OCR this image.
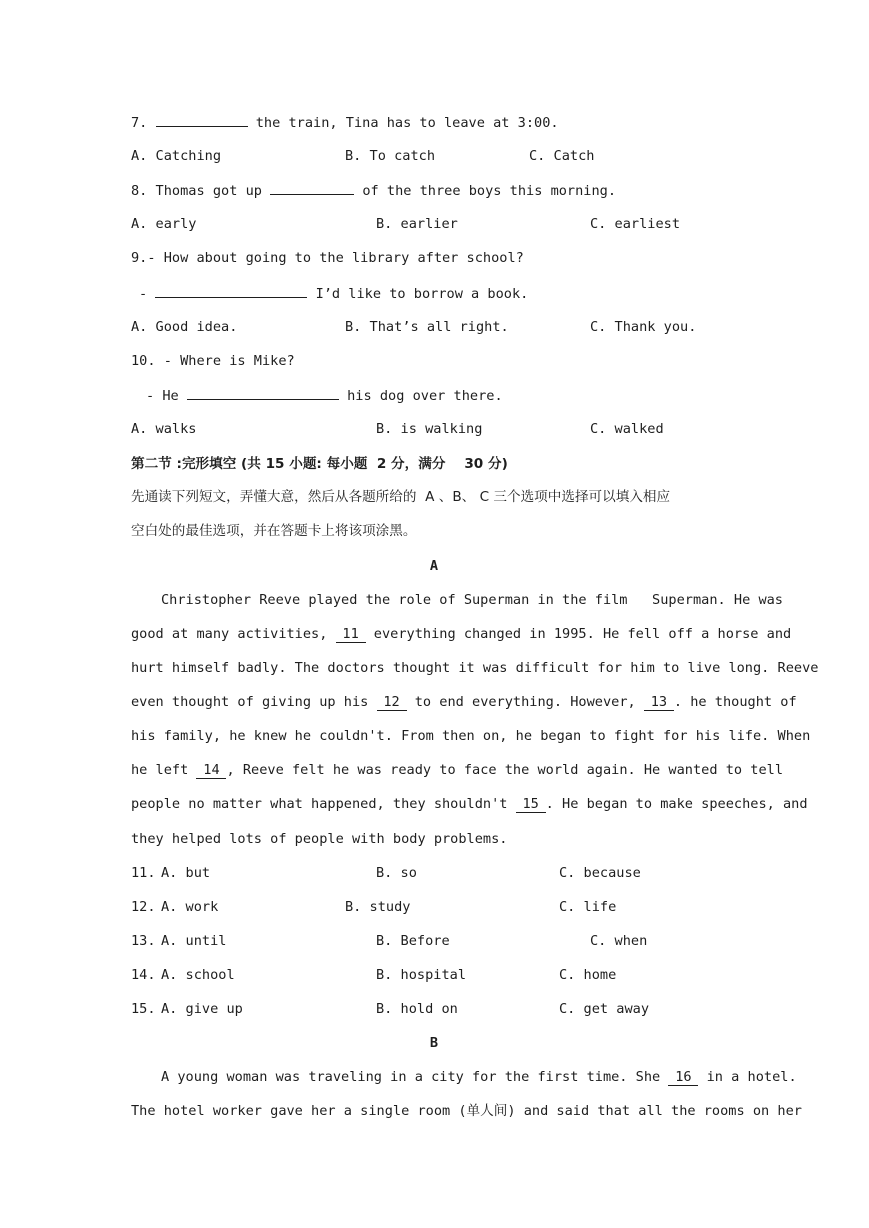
7.	the train, Tina has to leave at 3:00.
A. Catching	B. To catch	C. Catch
8. Thomas got up	of the three boys this morning.
A. early	B. earlier	C. earliest
9.- How about going to the library after school?
-	I’d like to borrow a book.
A. Good idea.	B. That’s all right.	C. Thank you.
10. - Where is Mike?
- He	his dog over there.
A. walks	B. is walking	C. walked
第二节 :完形填空 (共 15 小题: 每小题  2 分，满分    30 分)
先通读下列短文，弄懂大意，然后从各题所给的  A 、B、 C 三个选项中选择可以填入相应
空白处的最佳选项，并在答题卡上将该项涂黑。
A
Christopher Reeve played the role of Superman in the film   Superman. He was
good at many activities, 11 everything changed in 1995. He fell off a horse and
hurt himself badly. The doctors thought it was difficult for him to live long. Reeve
even thought of giving up his 12 to end everything. However, 13 . he thought of
his family, he knew he couldn't. From then on, he began to fight for his life. When
he left 14 , Reeve felt he was ready to face the world again. He wanted to tell
people no matter what happened, they shouldn't 15 . He began to make speeches, and
they helped lots of people with body problems.
11. A. but	B. so	C. because
12. A. work	B. study	C. life
13. A. until	B. Before	C. when
14. A. school	B. hospital	C. home
15. A. give up	B. hold on	C. get away
B
A young woman was traveling in a city for the first time. She 16 in a hotel.
The hotel worker gave her a single room (单人间) and said that all the rooms on her
